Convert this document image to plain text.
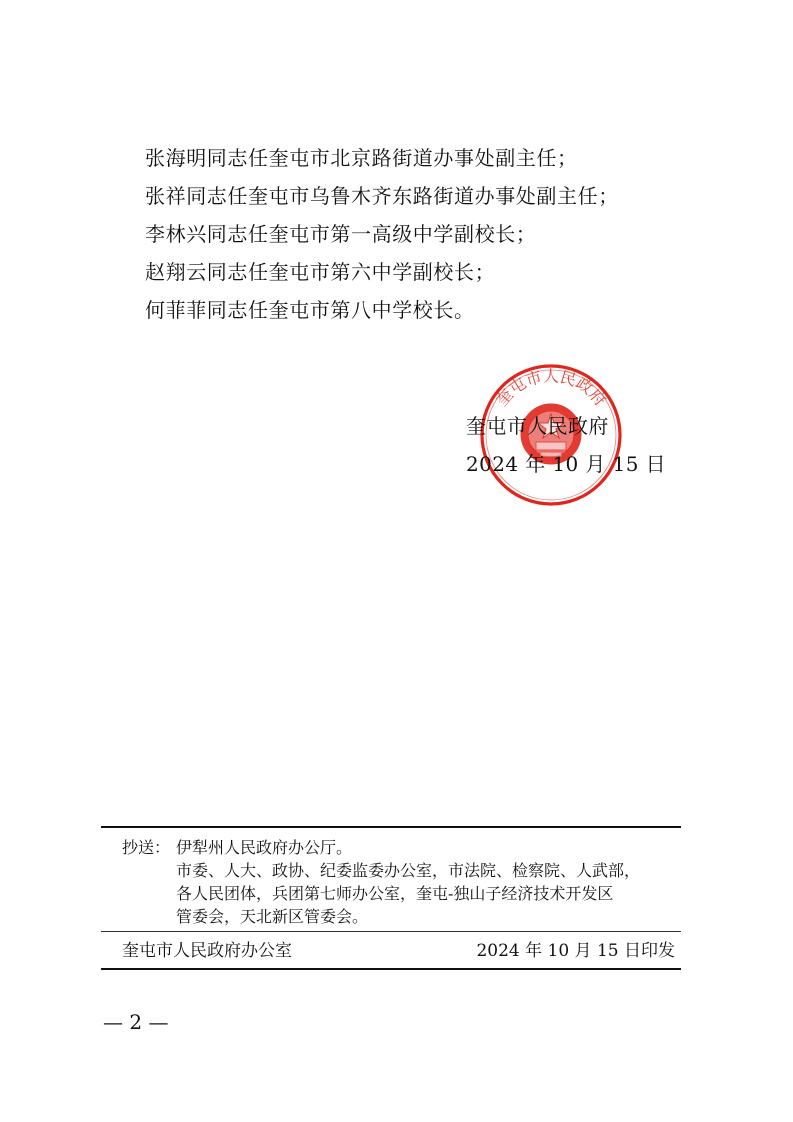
张海明同志任奎屯市北京路街道办事处副主任；
张祥同志任奎屯市乌鲁木齐东路街道办事处副主任；
李林兴同志任奎屯市第一高级中学副校长；
赵翔云同志任奎屯市第六中学副校长；
何菲菲同志任奎屯市第八中学校长。
奎屯市人民政府
奎屯市人民政府
2024 年 10 月 15 日
抄送： 伊犁州人民政府办公厅。
市委、人大、政协、纪委监委办公室，市法院、检察院、人武部，
各人民团体，兵团第七师办公室，奎屯-独山子经济技术开发区
管委会，天北新区管委会。
奎屯市人民政府办公室	2024 年 10 月 15 日印发
— 2 —
